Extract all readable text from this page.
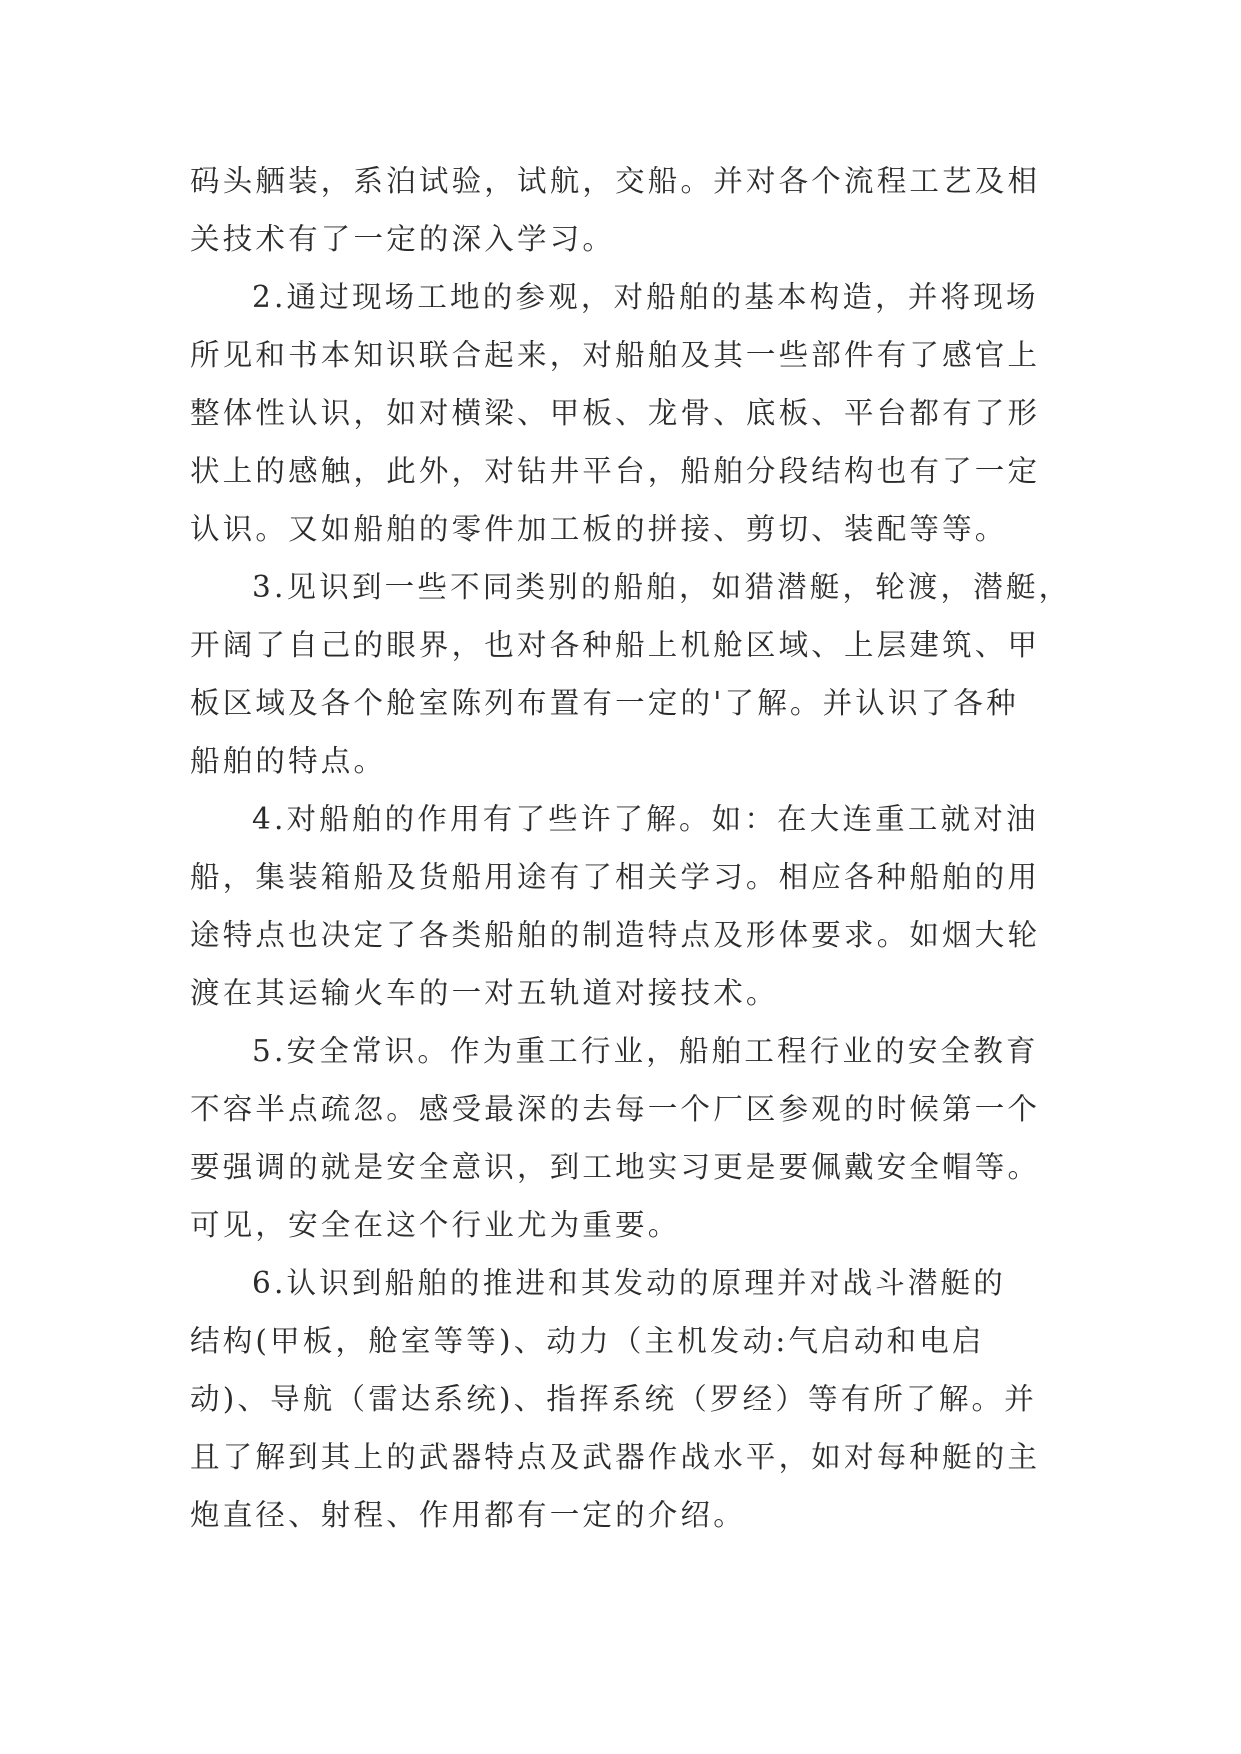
码头舾装，系泊试验，试航，交船。并对各个流程工艺及相
关技术有了一定的深入学习。
2.通过现场工地的参观，对船舶的基本构造，并将现场
所见和书本知识联合起来，对船舶及其一些部件有了感官上
整体性认识，如对横梁、甲板、龙骨、底板、平台都有了形
状上的感触，此外，对钻井平台，船舶分段结构也有了一定
认识。又如船舶的零件加工板的拼接、剪切、装配等等。
3.见识到一些不同类别的船舶，如猎潜艇，轮渡，潜艇，
开阔了自己的眼界，也对各种船上机舱区域、上层建筑、甲
板区域及各个舱室陈列布置有一定的'了解。并认识了各种
船舶的特点。
4.对船舶的作用有了些许了解。如：在大连重工就对油
船，集装箱船及货船用途有了相关学习。相应各种船舶的用
途特点也决定了各类船舶的制造特点及形体要求。如烟大轮
渡在其运输火车的一对五轨道对接技术。
5.安全常识。作为重工行业，船舶工程行业的安全教育
不容半点疏忽。感受最深的去每一个厂区参观的时候第一个
要强调的就是安全意识，到工地实习更是要佩戴安全帽等。
可见，安全在这个行业尤为重要。
6.认识到船舶的推进和其发动的原理并对战斗潜艇的
结构(甲板，舱室等等)、动力（主机发动:气启动和电启
动)、导航（雷达系统)、指挥系统（罗经）等有所了解。并
且了解到其上的武器特点及武器作战水平，如对每种艇的主
炮直径、射程、作用都有一定的介绍。
